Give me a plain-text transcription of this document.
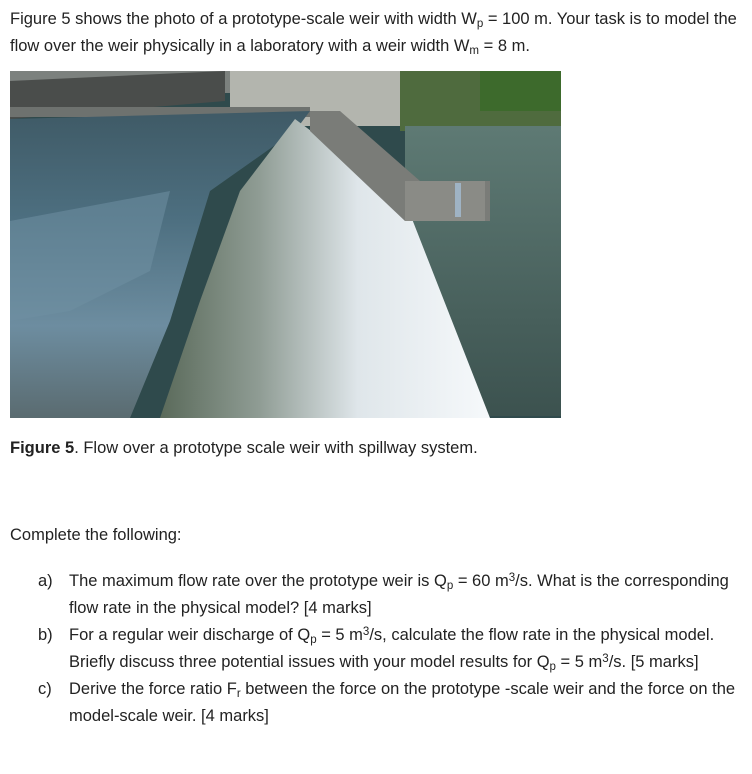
Figure 5 shows the photo of a prototype-scale weir with width $W_p = 100$ m. Your task is to model the flow over the weir physically in a laboratory with a weir width $W_m = 8$ m.
Figure 5. Flow over a prototype scale weir with spillway system.
Complete the following:
a) The maximum flow rate over the prototype weir is $Q_p = 60$ $m^3/s$. What is the corresponding flow rate in the physical model? [4 marks]
b) For a regular weir discharge of $Q_p = 5$ $m^3/s$, calculate the flow rate in the physical model. Briefly discuss three potential issues with your model results for $Q_p = 5$ $m^3/s$. [5 marks]
c)	Derive the force ratio $F_r$ between the force on the prototype -scale weir and the force on the model-scale weir. [4 marks]
